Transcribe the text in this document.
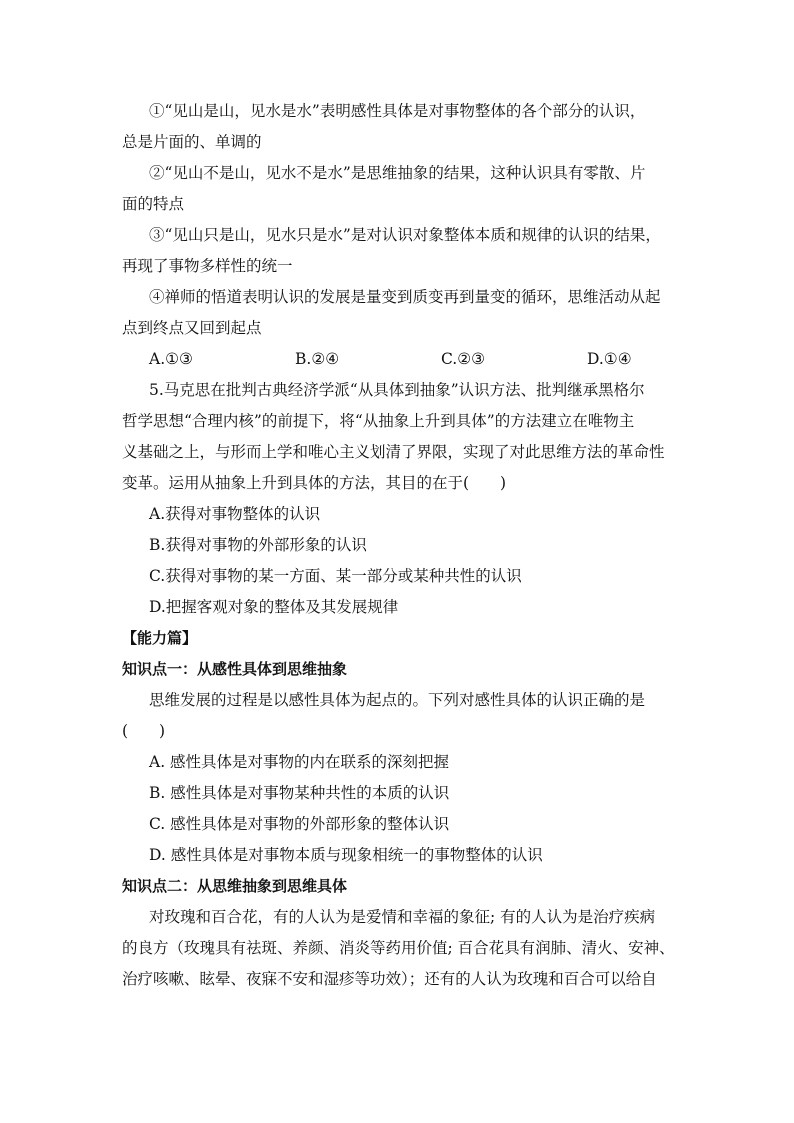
①“见山是山，见水是水”表明感性具体是对事物整体的各个部分的认识，
总是片面的、单调的
②“见山不是山，见水不是水”是思维抽象的结果，这种认识具有零散、片
面的特点
③“见山只是山，见水只是水”是对认识对象整体本质和规律的认识的结果，
再现了事物多样性的统一
④禅师的悟道表明认识的发展是量变到质变再到量变的循环，思维活动从起
点到终点又回到起点
A.①③	B.②④	C.②③	D.①④
5.马克思在批判古典经济学派“从具体到抽象”认识方法、批判继承黑格尔
哲学思想“合理内核”的前提下，将“从抽象上升到具体”的方法建立在唯物主
义基础之上，与形而上学和唯心主义划清了界限，实现了对此思维方法的革命性
变革。运用从抽象上升到具体的方法，其目的在于(　　)
A.获得对事物整体的认识
B.获得对事物的外部形象的认识
C.获得对事物的某一方面、某一部分或某种共性的认识
D.把握客观对象的整体及其发展规律
【能力篇】
知识点一：从感性具体到思维抽象
思维发展的过程是以感性具体为起点的。下列对感性具体的认识正确的是
(　　)
A. 感性具体是对事物的内在联系的深刻把握
B. 感性具体是对事物某种共性的本质的认识
C. 感性具体是对事物的外部形象的整体认识
D. 感性具体是对事物本质与现象相统一的事物整体的认识
知识点二：从思维抽象到思维具体
对玫瑰和百合花，有的人认为是爱情和幸福的象征; 有的人认为是治疗疾病
的良方（玫瑰具有祛斑、养颜、消炎等药用价值; 百合花具有润肺、清火、安神、
治疗咳嗽、眩晕、夜寐不安和湿疹等功效）；还有的人认为玫瑰和百合可以给自
